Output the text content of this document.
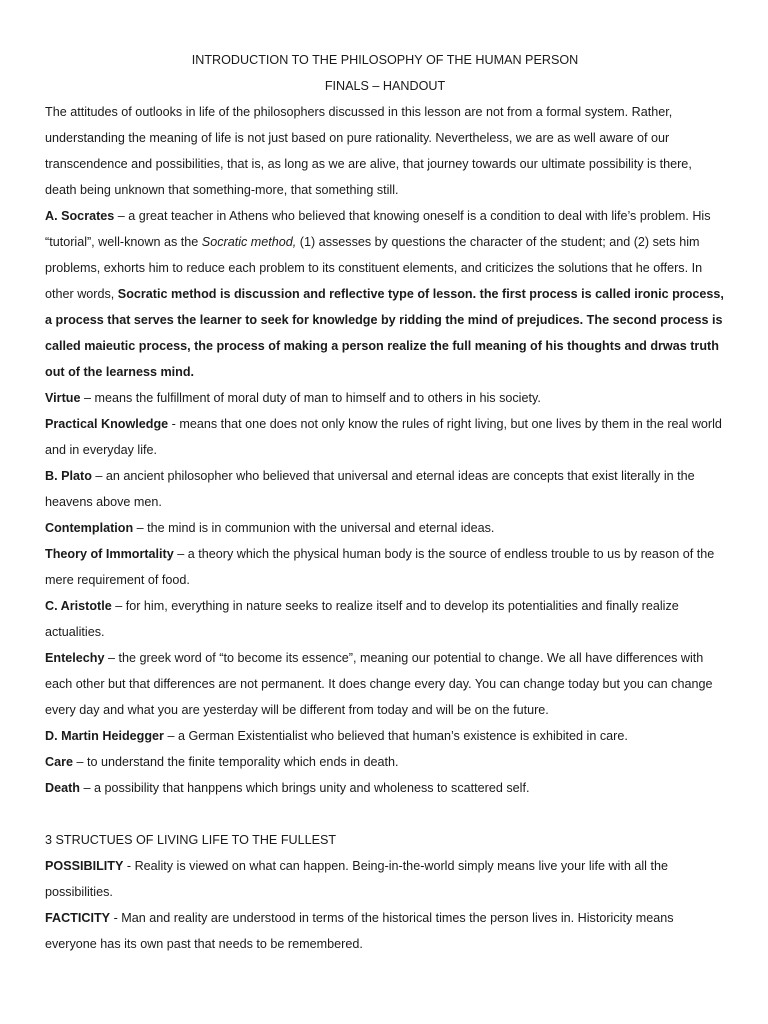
INTRODUCTION TO THE PHILOSOPHY OF THE HUMAN PERSON
FINALS – HANDOUT

The attitudes of outlooks in life of the philosophers discussed in this lesson are not from a formal system. Rather, understanding the meaning of life is not just based on pure rationality. Nevertheless, we are as well aware of our transcendence and possibilities, that is, as long as we are alive, that journey towards our ultimate possibility is there, death being unknown that something-more, that something still.

A. Socrates – a great teacher in Athens who believed that knowing oneself is a condition to deal with life’s problem. His “tutorial”, well-known as the Socratic method, (1) assesses by questions the character of the student; and (2) sets him problems, exhorts him to reduce each problem to its constituent elements, and criticizes the solutions that he offers. In other words, Socratic method is discussion and reflective type of lesson. the first process is called ironic process, a process that serves the learner to seek for knowledge by ridding the mind of prejudices. The second process is called maieutic process, the process of making a person realize the full meaning of his thoughts and drwas truth out of the learness mind.

Virtue – means the fulfillment of moral duty of man to himself and to others in his society.

Practical Knowledge - means that one does not only know the rules of right living, but one lives by them in the real world and in everyday life.

B. Plato – an ancient philosopher who believed that universal and eternal ideas are concepts that exist literally in the heavens above men.

Contemplation – the mind is in communion with the universal and eternal ideas.

Theory of Immortality – a theory which the physical human body is the source of endless trouble to us by reason of the mere requirement of food.

C. Aristotle – for him, everything in nature seeks to realize itself and to develop its potentialities and finally realize actualities.

Entelechy – the greek word of “to become its essence”, meaning our potential to change. We all have differences with each other but that differences are not permanent. It does change every day. You can change today but you can change every day and what you are yesterday will be different from today and will be on the future.

D. Martin Heidegger – a German Existentialist who believed that human’s existence is exhibited in care.

Care – to understand the finite temporality which ends in death.

Death – a possibility that hanppens which brings unity and wholeness to scattered self.

3 STRUCTUES OF LIVING LIFE TO THE FULLEST

POSSIBILITY - Reality is viewed on what can happen. Being-in-the-world simply means live your life with all the possibilities.

FACTICITY - Man and reality are understood in terms of the historical times the person lives in. Historicity means everyone has its own past that needs to be remembered.
